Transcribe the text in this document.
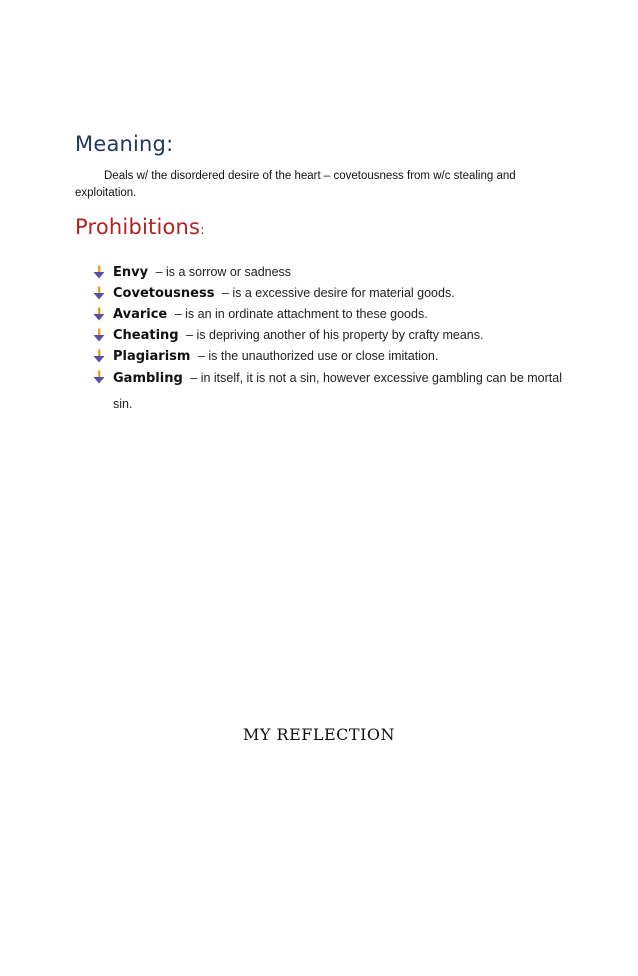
Meaning:

Deals w/ the disordered desire of the heart – covetousness from w/c stealing and exploitation.

Prohibitions:
Envy – is a sorrow or sadness
Covetousness – is a excessive desire for material goods.
Avarice – is an in ordinate attachment to these goods.
Cheating – is depriving another of his property by crafty means.
Plagiarism – is the unauthorized use or close imitation.
Gambling – in itself, it is not a sin, however excessive gambling can be mortal
sin.
MY REFLECTION
